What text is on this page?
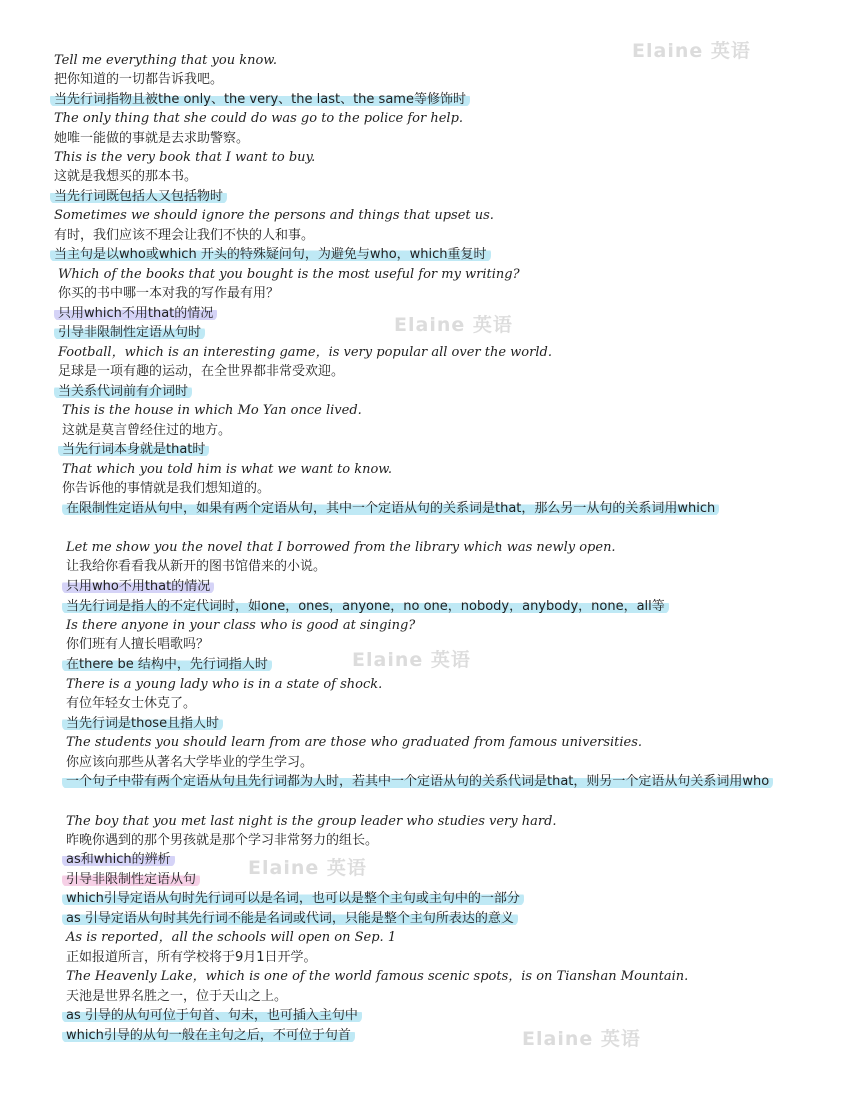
Elaine 英语
Elaine 英语
Elaine 英语
Elaine 英语
Elaine 英语
Tell me everything that you know.
把你知道的一切都告诉我吧。
当先行词指物且被the only、the very、the last、the same等修饰时
The only thing that she could do was go to the police for help.
她唯一能做的事就是去求助警察。
This is the very book that I want to buy.
这就是我想买的那本书。
当先行词既包括人又包括物时
Sometimes we should ignore the persons and things that upset us.
有时，我们应该不理会让我们不快的人和事。
当主句是以who或which 开头的特殊疑问句，为避免与who，which重复时
Which of the books that you bought is the most useful for my writing?
你买的书中哪一本对我的写作最有用？
只用which不用that的情况
引导非限制性定语从句时
Football，which is an interesting game，is very popular all over the world.
足球是一项有趣的运动，在全世界都非常受欢迎。
当关系代词前有介词时
This is the house in which Mo Yan once lived.
这就是莫言曾经住过的地方。
当先行词本身就是that时
That which you told him is what we want to know.
你告诉他的事情就是我们想知道的。
在限制性定语从句中，如果有两个定语从句，其中一个定语从句的关系词是that，那么另一从句的关系词用which
Let me show you the novel that I borrowed from the library which was newly open.
让我给你看看我从新开的图书馆借来的小说。
只用who不用that的情况
当先行词是指人的不定代词时，如one，ones，anyone，no one，nobody，anybody，none，all等
Is there anyone in your class who is good at singing?
你们班有人擅长唱歌吗？
在there be 结构中，先行词指人时
There is a young lady who is in a state of shock.
有位年轻女士休克了。
当先行词是those且指人时
The students you should learn from are those who graduated from famous universities.
你应该向那些从著名大学毕业的学生学习。
一个句子中带有两个定语从句且先行词都为人时，若其中一个定语从句的关系代词是that，则另一个定语从句关系词用who
The boy that you met last night is the group leader who studies very hard.
昨晚你遇到的那个男孩就是那个学习非常努力的组长。
as和which的辨析
引导非限制性定语从句
which引导定语从句时先行词可以是名词，也可以是整个主句或主句中的一部分
as 引导定语从句时其先行词不能是名词或代词，只能是整个主句所表达的意义
As is reported，all the schools will open on Sep. 1
正如报道所言，所有学校将于9月1日开学。
The Heavenly Lake，which is one of the world famous scenic spots，is on Tianshan Mountain.
天池是世界名胜之一，位于天山之上。
as 引导的从句可位于句首、句末，也可插入主句中
which引导的从句一般在主句之后，不可位于句首
